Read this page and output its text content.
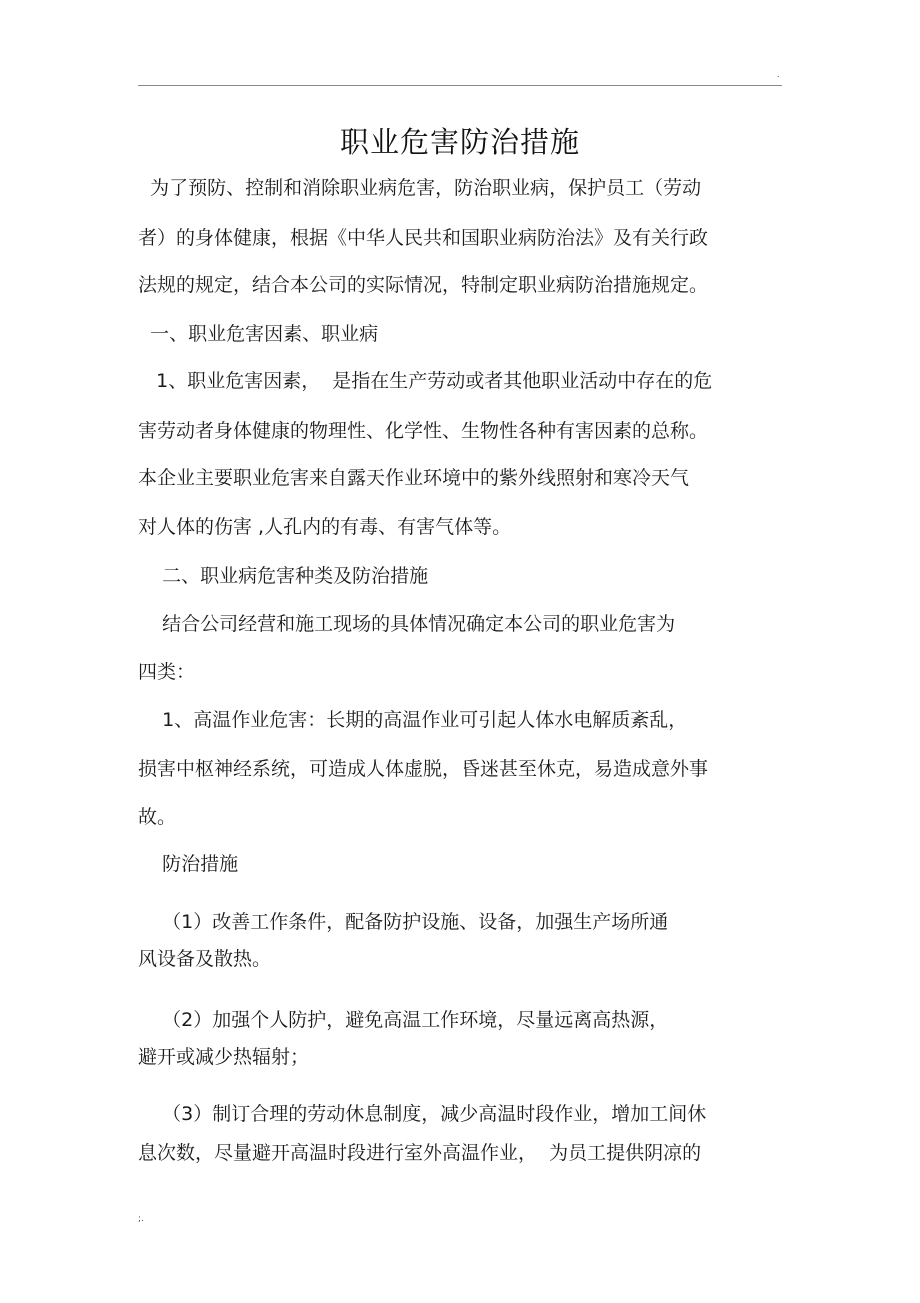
.
职业危害防治措施
为了预防、控制和消除职业病危害，防治职业病，保护员工（劳动
者）的身体健康，根据《中华人民共和国职业病防治法》及有关行政
法规的规定，结合本公司的实际情况，特制定职业病防治措施规定。
一、职业危害因素、职业病
1、职业危害因素，  是指在生产劳动或者其他职业活动中存在的危
害劳动者身体健康的物理性、化学性、生物性各种有害因素的总称。
本企业主要职业危害来自露天作业环境中的紫外线照射和寒冷天气
对人体的伤害 ,人孔内的有毒、有害气体等。
二、职业病危害种类及防治措施
结合公司经营和施工现场的具体情况确定本公司的职业危害为
四类：
1、高温作业危害：长期的高温作业可引起人体水电解质紊乱，
损害中枢神经系统，可造成人体虚脱，昏迷甚至休克，易造成意外事
故。
防治措施
（1）改善工作条件，配备防护设施、设备，加强生产场所通
风设备及散热。
（2）加强个人防护，避免高温工作环境，尽量远离高热源，
避开或减少热辐射；
（3）制订合理的劳动休息制度，减少高温时段作业，增加工间休
息次数，尽量避开高温时段进行室外高温作业，  为员工提供阴凉的
;.
